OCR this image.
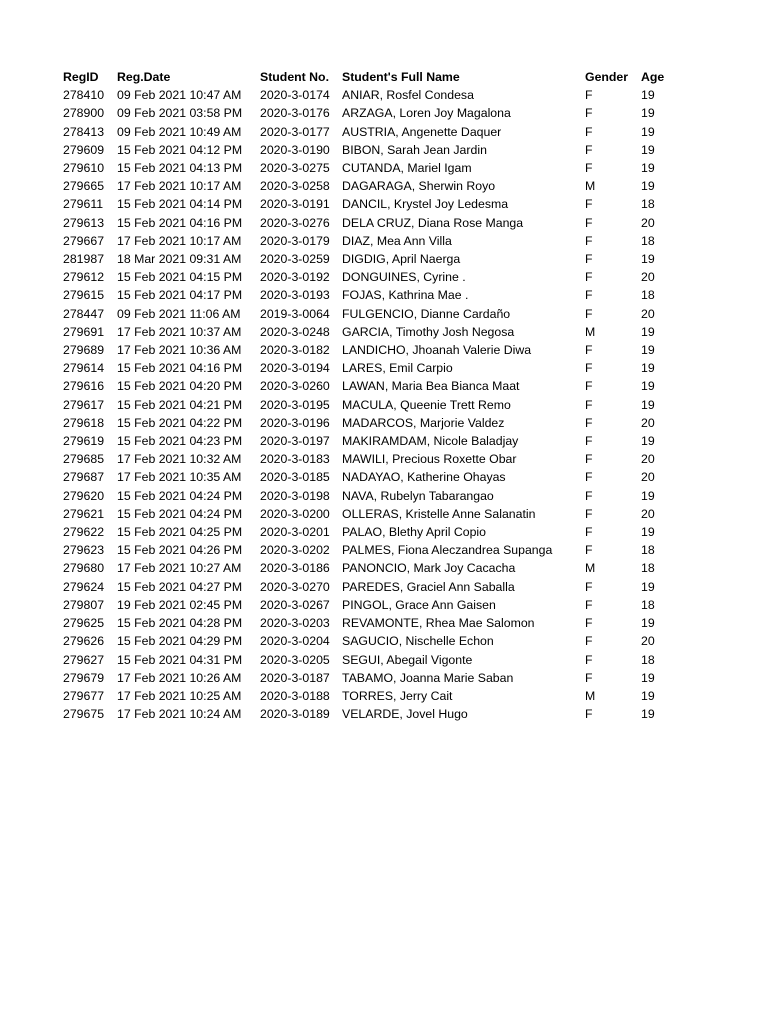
RegID	Reg.Date	Student No.	Student's Full Name	Gender	Age
278410	09 Feb 2021 10:47 AM	2020-3-0174	ANIAR, Rosfel Condesa	F	19
278900	09 Feb 2021 03:58 PM	2020-3-0176	ARZAGA, Loren Joy Magalona	F	19
278413	09 Feb 2021 10:49 AM	2020-3-0177	AUSTRIA, Angenette Daquer	F	19
279609	15 Feb 2021 04:12 PM	2020-3-0190	BIBON, Sarah Jean Jardin	F	19
279610	15 Feb 2021 04:13 PM	2020-3-0275	CUTANDA, Mariel Igam	F	19
279665	17 Feb 2021 10:17 AM	2020-3-0258	DAGARAGA, Sherwin Royo	M	19
279611	15 Feb 2021 04:14 PM	2020-3-0191	DANCIL, Krystel Joy Ledesma	F	18
279613	15 Feb 2021 04:16 PM	2020-3-0276	DELA CRUZ, Diana Rose Manga	F	20
279667	17 Feb 2021 10:17 AM	2020-3-0179	DIAZ, Mea Ann Villa	F	18
281987	18 Mar 2021 09:31 AM	2020-3-0259	DIGDIG, April Naerga	F	19
279612	15 Feb 2021 04:15 PM	2020-3-0192	DONGUINES, Cyrine .	F	20
279615	15 Feb 2021 04:17 PM	2020-3-0193	FOJAS, Kathrina Mae .	F	18
278447	09 Feb 2021 11:06 AM	2019-3-0064	FULGENCIO, Dianne Cardaño	F	20
279691	17 Feb 2021 10:37 AM	2020-3-0248	GARCIA, Timothy Josh Negosa	M	19
279689	17 Feb 2021 10:36 AM	2020-3-0182	LANDICHO, Jhoanah Valerie Diwa	F	19
279614	15 Feb 2021 04:16 PM	2020-3-0194	LARES, Emil Carpio	F	19
279616	15 Feb 2021 04:20 PM	2020-3-0260	LAWAN, Maria Bea Bianca Maat	F	19
279617	15 Feb 2021 04:21 PM	2020-3-0195	MACULA, Queenie Trett Remo	F	19
279618	15 Feb 2021 04:22 PM	2020-3-0196	MADARCOS, Marjorie Valdez	F	20
279619	15 Feb 2021 04:23 PM	2020-3-0197	MAKIRAMDAM, Nicole Baladjay	F	19
279685	17 Feb 2021 10:32 AM	2020-3-0183	MAWILI, Precious Roxette Obar	F	20
279687	17 Feb 2021 10:35 AM	2020-3-0185	NADAYAO, Katherine Ohayas	F	20
279620	15 Feb 2021 04:24 PM	2020-3-0198	NAVA, Rubelyn Tabarangao	F	19
279621	15 Feb 2021 04:24 PM	2020-3-0200	OLLERAS, Kristelle Anne Salanatin	F	20
279622	15 Feb 2021 04:25 PM	2020-3-0201	PALAO, Blethy April Copio	F	19
279623	15 Feb 2021 04:26 PM	2020-3-0202	PALMES, Fiona Aleczandrea Supanga	F	18
279680	17 Feb 2021 10:27 AM	2020-3-0186	PANONCIO, Mark Joy Cacacha	M	18
279624	15 Feb 2021 04:27 PM	2020-3-0270	PAREDES, Graciel Ann Saballa	F	19
279807	19 Feb 2021 02:45 PM	2020-3-0267	PINGOL, Grace Ann Gaisen	F	18
279625	15 Feb 2021 04:28 PM	2020-3-0203	REVAMONTE, Rhea Mae Salomon	F	19
279626	15 Feb 2021 04:29 PM	2020-3-0204	SAGUCIO, Nischelle Echon	F	20
279627	15 Feb 2021 04:31 PM	2020-3-0205	SEGUI, Abegail Vigonte	F	18
279679	17 Feb 2021 10:26 AM	2020-3-0187	TABAMO, Joanna Marie Saban	F	19
279677	17 Feb 2021 10:25 AM	2020-3-0188	TORRES, Jerry Cait	M	19
279675	17 Feb 2021 10:24 AM	2020-3-0189	VELARDE, Jovel Hugo	F	19
